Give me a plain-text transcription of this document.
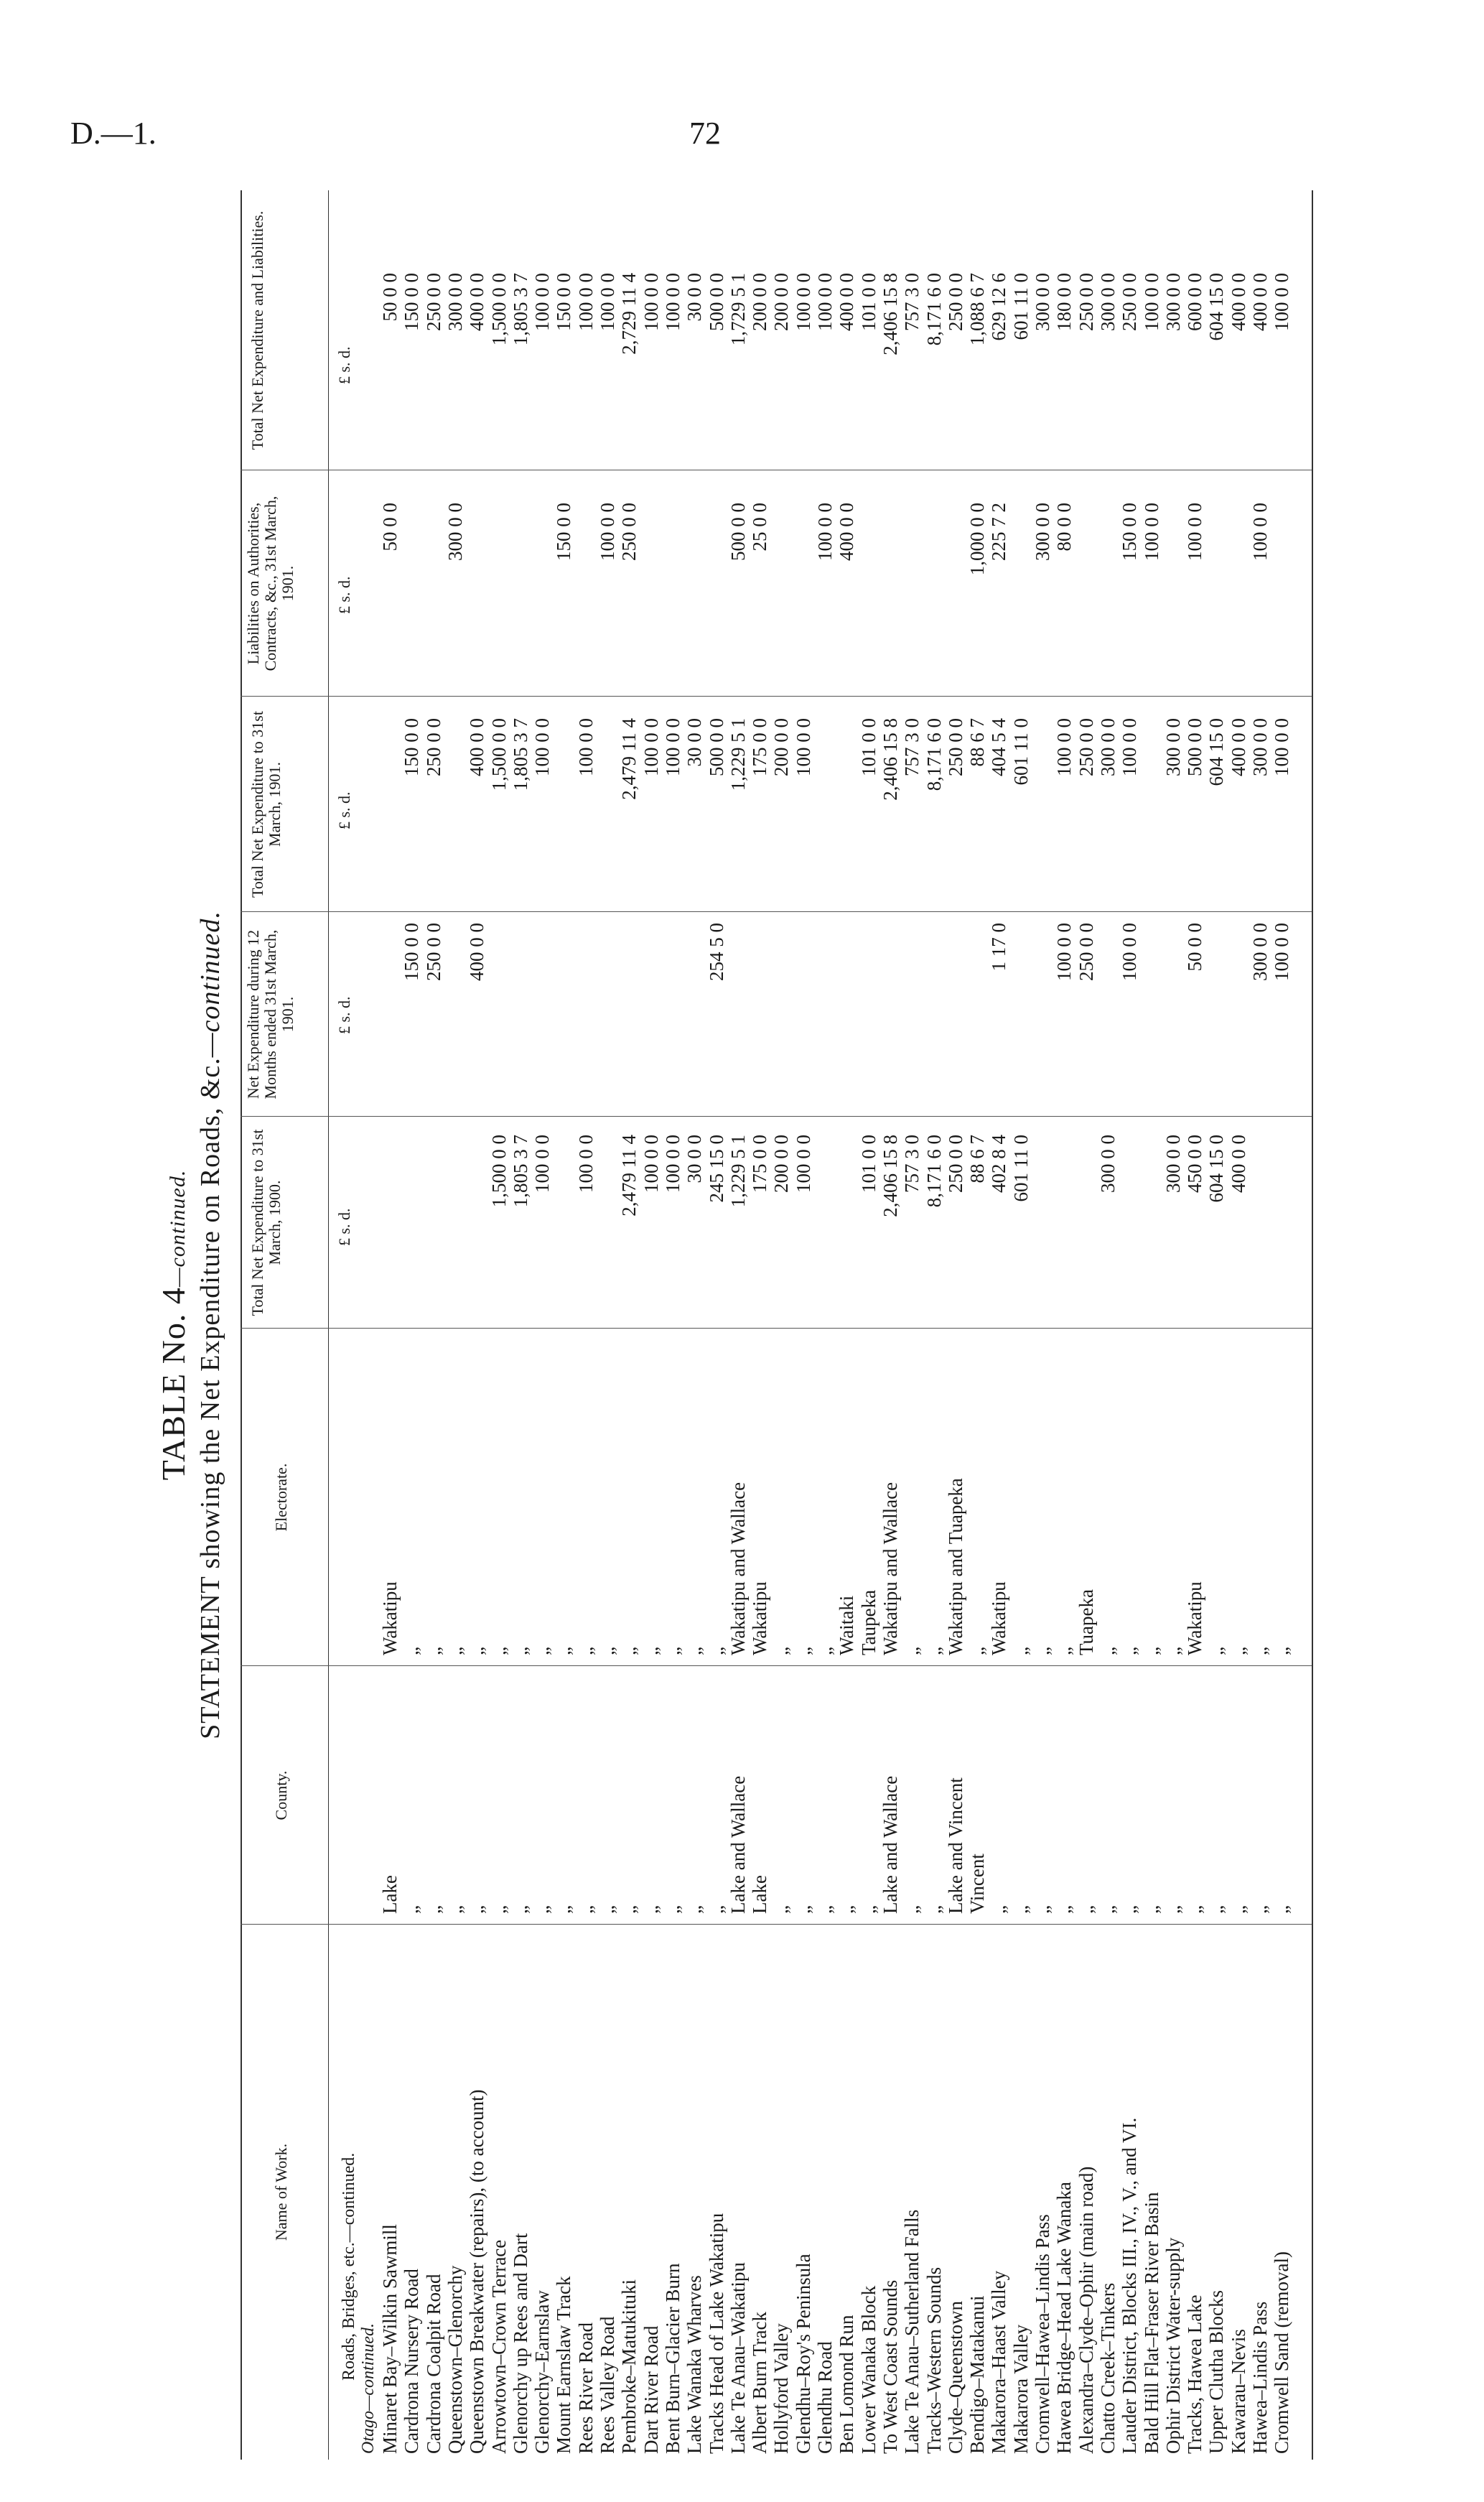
D.—1.	72
TABLE No. 4—continued. STATEMENT showing the Net Expenditure on Roads, &c.—continued.
Name of Work.
County.
Electorate.
Total Net Expenditure to 31st March, 1900.
Net Expenditure during 12 Months ended 31st March, 1901.
Total Net Expenditure to 31st March, 1901.
Liabilities on Authorities, Contracts, &c., 31st March, 1901.
Total Net Expenditure and Liabilities.
£ s. d.
£ s. d.
£ s. d.
£ s. d.
£ s. d.
Roads, Bridges, etc.—continued.
Otago—continued. Minaret Bay–Wilkin Sawmill
Lake
Wakatipu
50 0 0
50 0 0
Cardrona Nursery Road
„
„
150 0 0
150 0 0
150 0 0
Cardrona Coalpit Road
„
„
250 0 0
250 0 0
250 0 0
Queenstown–Glenorchy
„
„
300 0 0
300 0 0
Queenstown Breakwater (repairs), (to account)
„
„
400 0 0
400 0 0
400 0 0
Arrowtown–Crown Terrace
„
„
1,500 0 0
1,500 0 0
1,500 0 0
Glenorchy up Rees and Dart
„
„
1,805 3 7
1,805 3 7
1,805 3 7
Glenorchy–Earnslaw
„
„
100 0 0
100 0 0
100 0 0
Mount Earnslaw Track
„
„
150 0 0
150 0 0
Rees River Road
„
„
100 0 0
100 0 0
100 0 0
Rees Valley Road
„
„
100 0 0
100 0 0
Pembroke–Matukituki
„
„
2,479 11 4
2,479 11 4
250 0 0
2,729 11 4
Dart River Road
„
„
100 0 0
100 0 0
100 0 0
Bent Burn–Glacier Burn
„
„
100 0 0
100 0 0
100 0 0
Lake Wanaka Wharves
„
„
30 0 0
30 0 0
30 0 0
Tracks Head of Lake Wakatipu
„
„
245 15 0
254 5 0
500 0 0
500 0 0
Lake Te Anau–Wakatipu
Lake and Wallace
Wakatipu and Wallace
1,229 5 1
1,229 5 1
500 0 0
1,729 5 1
Albert Burn Track
Lake
Wakatipu
175 0 0
175 0 0
25 0 0
200 0 0
Hollyford Valley
„
„
200 0 0
200 0 0
200 0 0
Glendhu–Roy's Peninsula
„
„
100 0 0
100 0 0
100 0 0
Glendhu Road
„
„
100 0 0
100 0 0
Ben Lomond Run
„
Waitaki
400 0 0
400 0 0
Lower Wanaka Block
„
Taupeka
101 0 0
101 0 0
101 0 0
To West Coast Sounds
Lake and Wallace
Wakatipu and Wallace
2,406 15 8
2,406 15 8
2,406 15 8
Lake Te Anau–Sutherland Falls
„
„
757 3 0
757 3 0
757 3 0
Tracks–Western Sounds
„
„
8,171 6 0
8,171 6 0
8,171 6 0
Clyde–Queenstown
Lake and Vincent
Wakatipu and Tuapeka
250 0 0
250 0 0
250 0 0
Bendigo–Matakanui
Vincent
„
88 6 7
88 6 7
1,000 0 0
1,088 6 7
Makarora–Haast Valley
„
Wakatipu
402 8 4
1 17 0
404 5 4
225 7 2
629 12 6
Makarora Valley
„
„
601 11 0
601 11 0
601 11 0
Cromwell–Hawea–Lindis Pass
„
„
300 0 0
300 0 0
Hawea Bridge–Head Lake Wanaka
„
„
100 0 0
100 0 0
80 0 0
180 0 0
Alexandra–Clyde–Ophir (main road)
„
Tuapeka
250 0 0
250 0 0
250 0 0
Chatto Creek–Tinkers
„
„
300 0 0
300 0 0
300 0 0
Lauder District, Blocks III., IV., V., and VI.
„
„
100 0 0
100 0 0
150 0 0
250 0 0
Bald Hill Flat–Fraser River Basin
„
„
100 0 0
100 0 0
Ophir District Water-supply
„
„
300 0 0
300 0 0
300 0 0
Tracks, Hawea Lake
„
Wakatipu
450 0 0
50 0 0
500 0 0
100 0 0
600 0 0
Upper Clutha Blocks
„
„
604 15 0
604 15 0
604 15 0
Kawarau–Nevis
„
„
400 0 0
400 0 0
400 0 0
Hawea–Lindis Pass
„
„
300 0 0
300 0 0
100 0 0
400 0 0
Cromwell Sand (removal)
„
„
100 0 0
100 0 0
100 0 0
